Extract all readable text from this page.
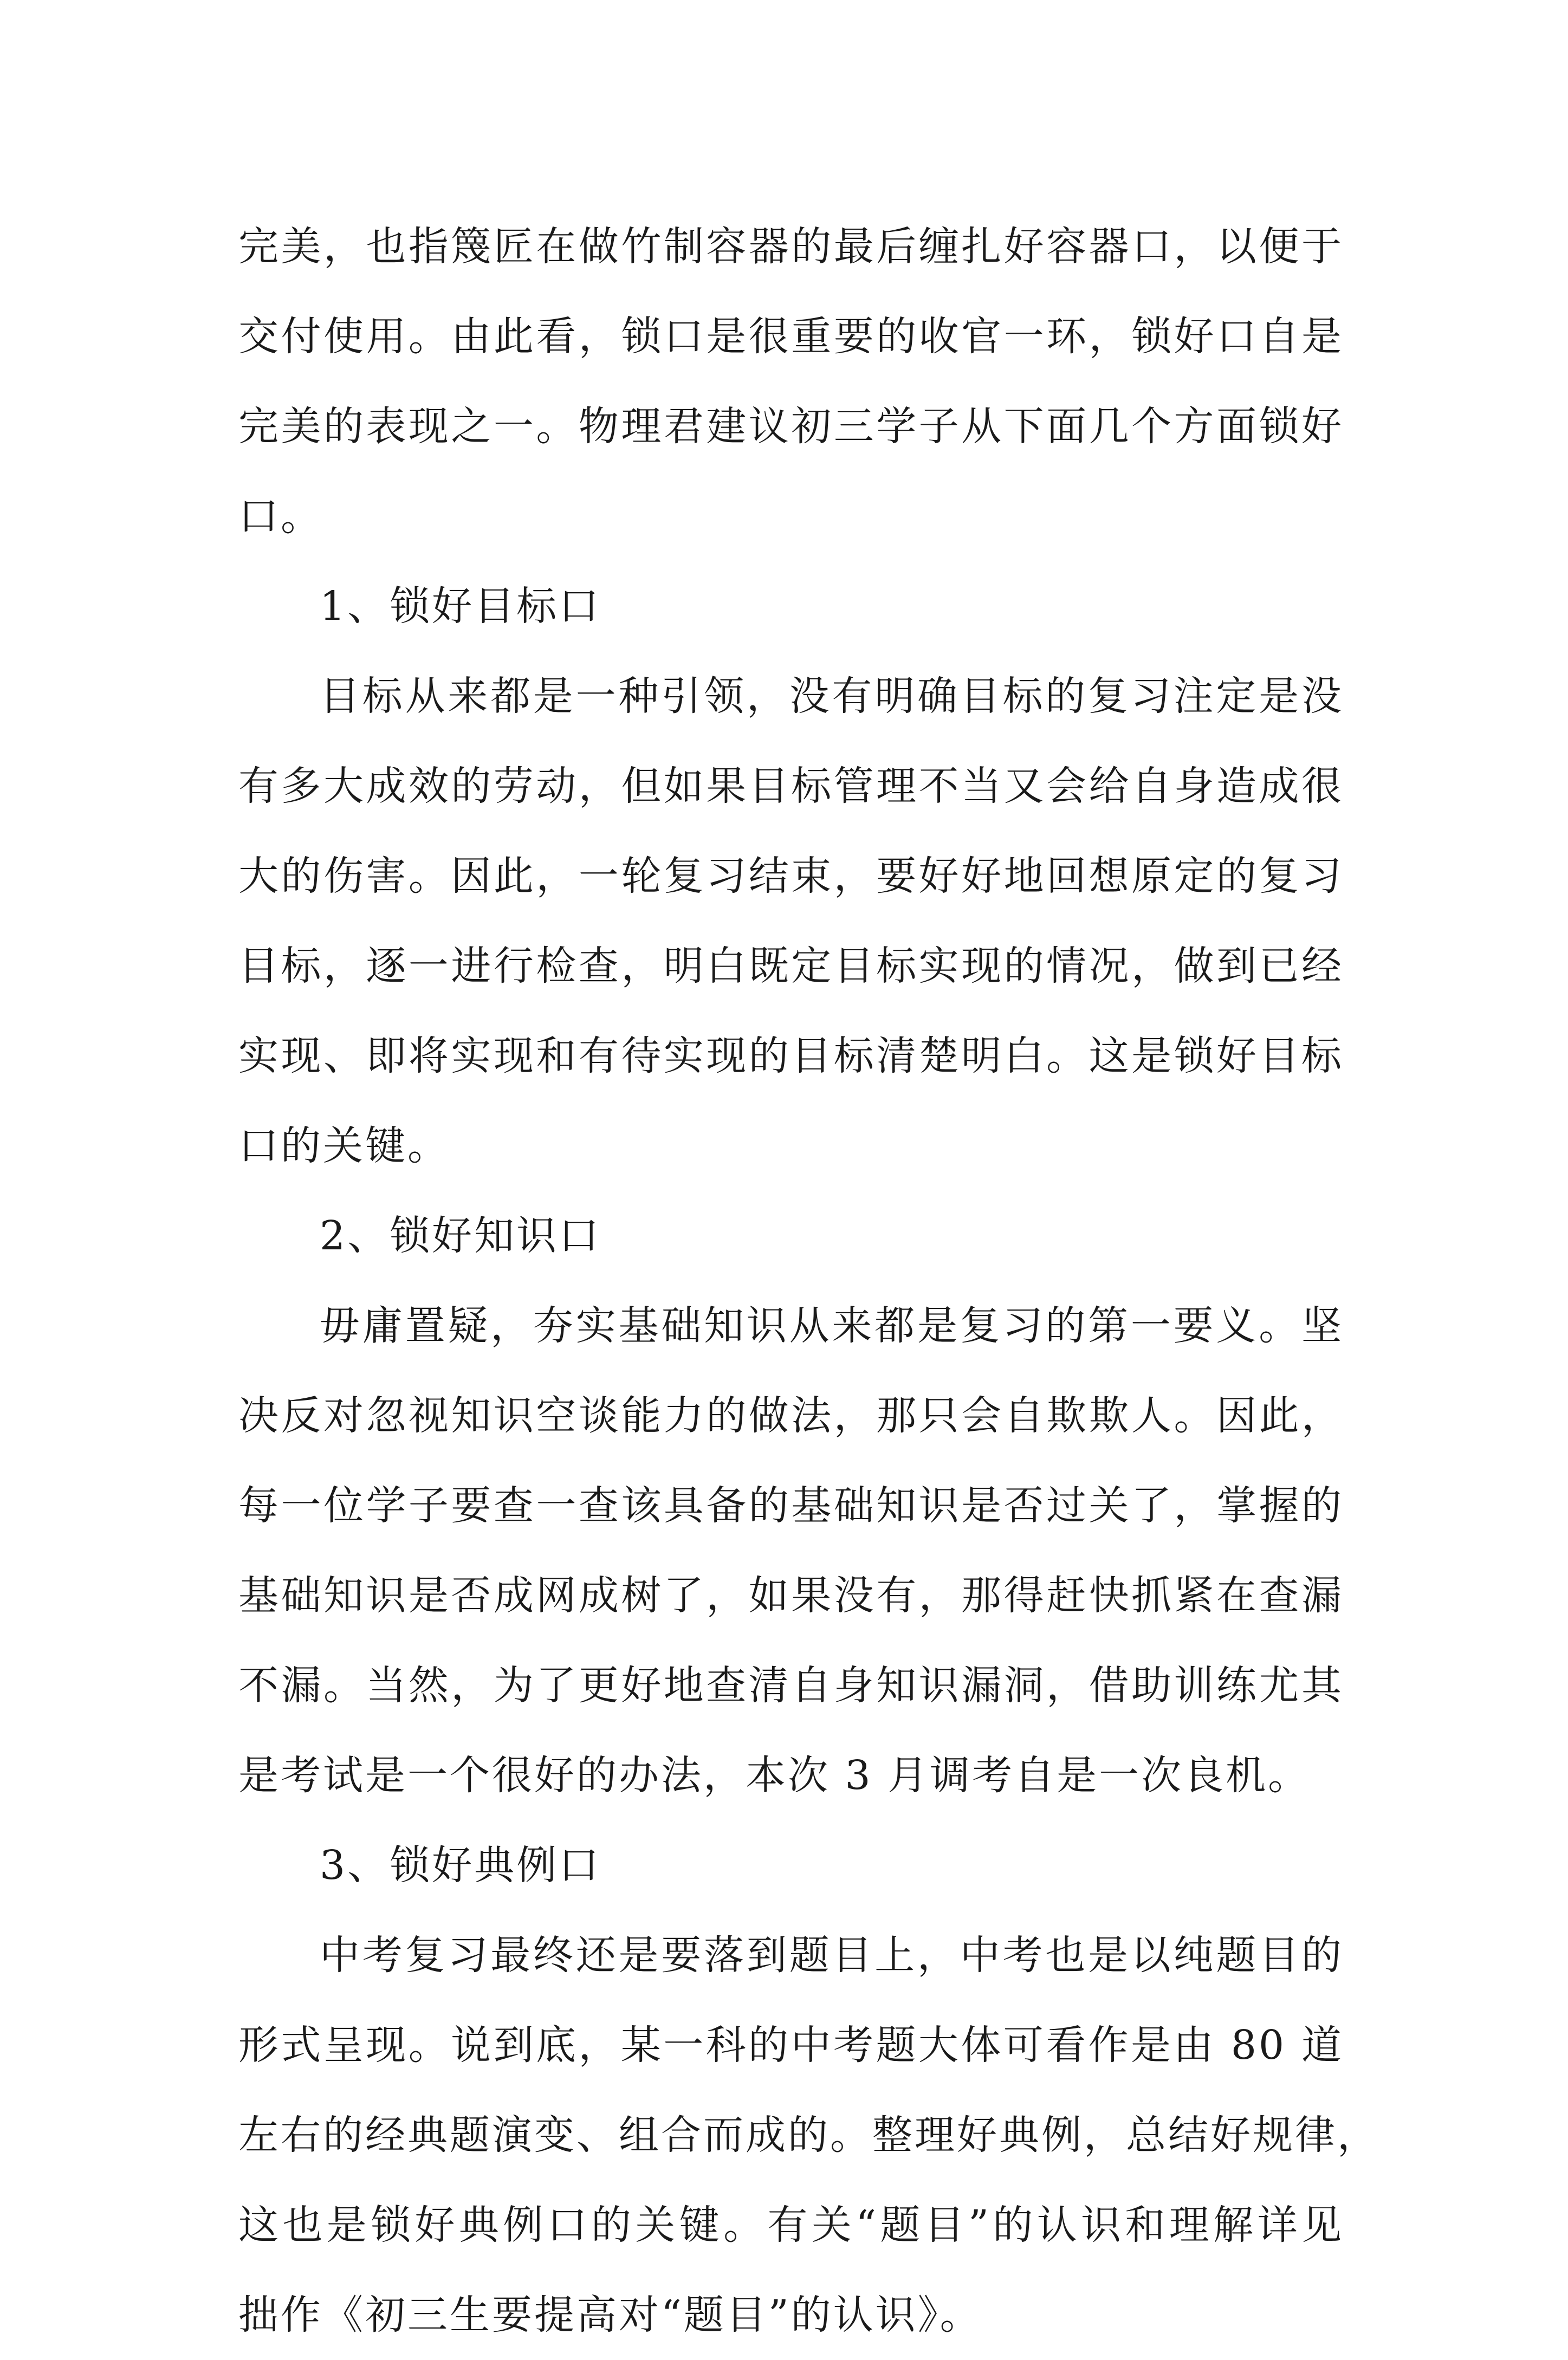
完美，也指篾匠在做竹制容器的最后缠扎好容器口，以便于
交付使用。由此看，锁口是很重要的收官一环，锁好口自是
完美的表现之一。物理君建议初三学子从下面几个方面锁好
口。
1、锁好目标口
目标从来都是一种引领，没有明确目标的复习注定是没
有多大成效的劳动，但如果目标管理不当又会给自身造成很
大的伤害。因此，一轮复习结束，要好好地回想原定的复习
目标，逐一进行检查，明白既定目标实现的情况，做到已经
实现、即将实现和有待实现的目标清楚明白。这是锁好目标
口的关键。
2、锁好知识口
毋庸置疑，夯实基础知识从来都是复习的第一要义。坚
决反对忽视知识空谈能力的做法，那只会自欺欺人。因此，
每一位学子要查一查该具备的基础知识是否过关了，掌握的
基础知识是否成网成树了，如果没有，那得赶快抓紧在查漏
不漏。当然，为了更好地查清自身知识漏洞，借助训练尤其
是考试是一个很好的办法，本次 3 月调考自是一次良机。
3、锁好典例口
中考复习最终还是要落到题目上，中考也是以纯题目的
形式呈现。说到底，某一科的中考题大体可看作是由 80 道
左右的经典题演变、组合而成的。整理好典例，总结好规律，
这也是锁好典例口的关键。有关“题目”的认识和理解详见
拙作《初三生要提高对“题目”的认识》。
